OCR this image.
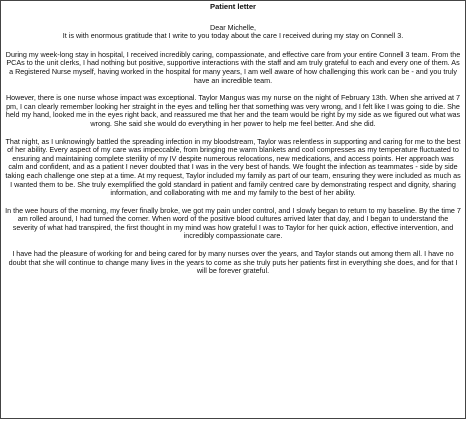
Patient letter
Dear Michelle,

It is with enormous gratitude that I write to you today about the care I received during my stay on Connell 3.

During my week-long stay in hospital, I received incredibly caring, compassionate, and effective care from your entire Connell 3 team. From the PCAs to the unit clerks, I had nothing but positive, supportive interactions with the staff and am truly grateful to each and every one of them. As a Registered Nurse myself, having worked in the hospital for many years, I am well aware of how challenging this work can be - and you truly have an incredible team.

However, there is one nurse whose impact was exceptional. Taylor Mangus was my nurse on the night of February 13th. When she arrived at 7 pm, I can clearly remember looking her straight in the eyes and telling her that something was very wrong, and I felt like I was going to die. She held my hand, looked me in the eyes right back, and reassured me that her and the team would be right by my side as we figured out what was wrong. She said she would do everything in her power to help me feel better. And she did.

That night, as I unknowingly battled the spreading infection in my bloodstream, Taylor was relentless in supporting and caring for me to the best of her ability. Every aspect of my care was impeccable, from bringing me warm blankets and cool compresses as my temperature fluctuated to ensuring and maintaining complete sterility of my IV despite numerous relocations, new medications, and access points. Her approach was calm and confident, and as a patient I never doubted that I was in the very best of hands. We fought the infection as teammates - side by side taking each challenge one step at a time. At my request, Taylor included my family as part of our team, ensuring they were included as much as I wanted them to be. She truly exemplified the gold standard in patient and family centred care by demonstrating respect and dignity, sharing information, and collaborating with me and my family to the best of her ability.

In the wee hours of the morning, my fever finally broke, we got my pain under control, and I slowly began to return to my baseline. By the time 7 am rolled around, I had turned the corner. When word of the positive blood cultures arrived later that day, and I began to understand the severity of what had transpired, the first thought in my mind was how grateful I was to Taylor for her quick action, effective intervention, and incredibly compassionate care.

I have had the pleasure of working for and being cared for by many nurses over the years, and Taylor stands out among them all. I have no doubt that she will continue to change many lives in the years to come as she truly puts her patients first in everything she does, and for that I will be forever grateful.
